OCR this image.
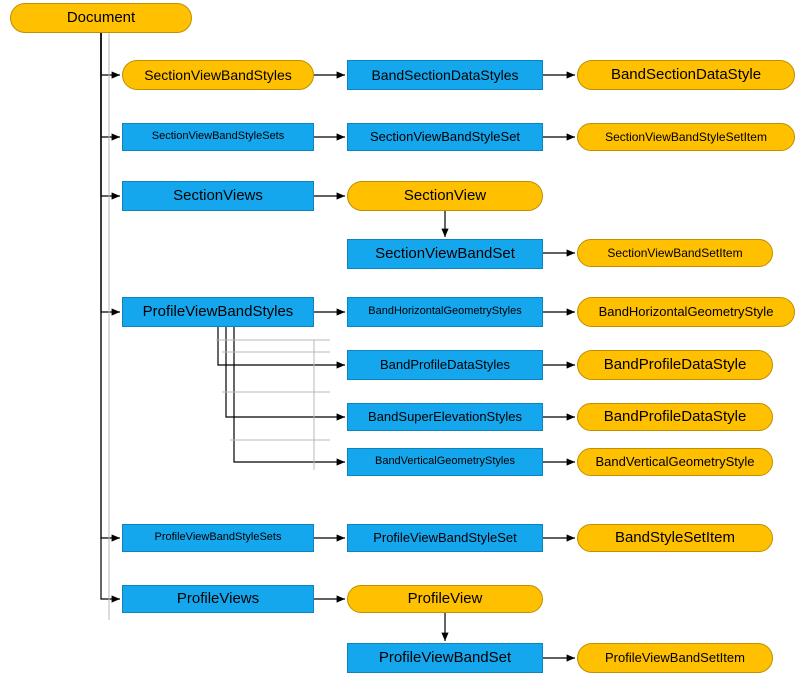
Document
SectionViewBandStyles	BandSectionDataStyles	BandSectionDataStyle
SectionViewBandStyleSets	SectionViewBandStyleSet	SectionViewBandStyleSetItem
SectionViews	SectionView
SectionViewBandSet	SectionViewBandSetItem
ProfileViewBandStyles	BandHorizontalGeometryStyles	BandHorizontalGeometryStyle
BandProfileDataStyles	BandProfileDataStyle
BandSuperElevationStyles	BandProfileDataStyle
BandVerticalGeometryStyles	BandVerticalGeometryStyle
ProfileViewBandStyleSets	ProfileViewBandStyleSet	BandStyleSetItem
ProfileViews	ProfileView
ProfileViewBandSet	ProfileViewBandSetItem
